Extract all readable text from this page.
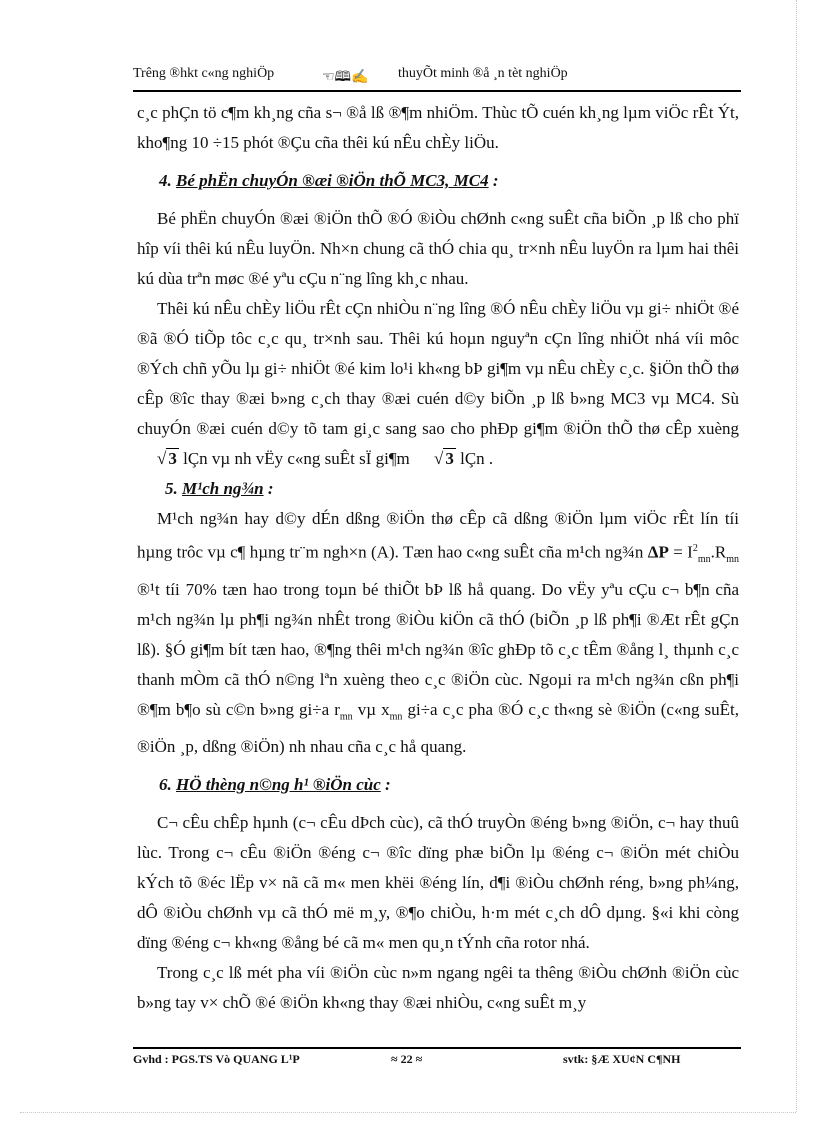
Trêng ®hkt c«ng nghiÖp	☜🕮✍ thuyÕt minh ®å ¸n tèt nghiÖp

c¸c phÇn tö c¶m kh¸ng cña s¬ ®å lß ®¶m nhiÖm. Thùc tÕ cuén kh¸ng lµm viÖc rÊt Ýt, kho¶ng 10 ÷15 phót ®Çu cña thêi kú nÊu chÈy liÖu.

4. Bé phËn chuyÓn ®æi ®iÖn thÕ MC3, MC4 :

Bé phËn chuyÓn ®æi ®iÖn thÕ ®Ó ®iÒu chØnh c«ng suÊt cña biÕn ¸p lß cho phï hîp víi thêi kú nÊu luyÖn. Nh×n chung cã thÓ chia qu¸ tr×nh nÊu luyÖn ra lµm hai thêi kú dùa trªn møc ®é yªu cÇu n¨ng lîng kh¸c nhau.

Thêi kú nÊu chÈy liÖu rÊt cÇn nhiÒu n¨ng lîng ®Ó nÊu chÈy liÖu vµ gi÷ nhiÖt ®é ®ã ®Ó tiÕp tôc c¸c qu¸ tr×nh sau. Thêi kú hoµn nguyªn cÇn lîng nhiÖt nhá víi môc ®Ých chñ yÕu lµ gi÷ nhiÖt ®é kim lo¹i kh«ng bÞ gi¶m vµ nÊu chÈy c¸c. §iÖn thÕ thø cÊp ®îc thay ®æi b»ng c¸ch thay ®æi cuén d©y biÕn ¸p lß b»ng MC3 vµ MC4. Sù chuyÓn ®æi cuén d©y tõ tam gi¸c sang sao cho phÐp gi¶m ®iÖn thÕ thø cÊp xuèng √ 3 lÇn vµ nh vËy c«ng suÊt sÏ gi¶m √ 3 lÇn .

5. M¹ch ng¾n :

M¹ch ng¾n hay d©y dÉn dßng ®iÖn thø cÊp cã dßng ®iÖn lµm viÖc rÊt lín tíi hµng trôc vµ c¶ hµng tr¨m ngh×n (A). Tæn hao c«ng suÊt cña m¹ch ng¾n $\Delta P = I^2_{mn}.R_{mn}$ ®¹t tíi 70% tæn hao trong toµn bé thiÕt bÞ lß hå quang. Do vËy yªu cÇu c¬ b¶n cña m¹ch ng¾n lµ ph¶i ng¾n nhÊt trong ®iÒu kiÖn cã thÓ (biÕn ¸p lß ph¶i ®Æt rÊt gÇn lß). §Ó gi¶m bít tæn hao, ®¶ng thêi m¹ch ng¾n ®îc ghÐp tõ c¸c tÊm ®ång l¸ thµnh c¸c thanh mÒm cã thÓ n©ng lªn xuèng theo c¸c ®iÖn cùc. Ngoµi ra m¹ch ng¾n cßn ph¶i ®¶m b¶o sù c©n b»ng gi÷a $r_{mn}$ vµ $x_{mn}$ gi÷a c¸c pha ®Ó c¸c th«ng sè ®iÖn (c«ng suÊt, ®iÖn ¸p, dßng ®iÖn) nh nhau cña c¸c hå quang.

6. HÖ thèng n©ng h¹ ®iÖn cùc :

C¬ cÊu chÊp hµnh (c¬ cÊu dÞch cùc), cã thÓ truyÒn ®éng b»ng ®iÖn, c¬ hay thuû lùc. Trong c¬ cÊu ®iÖn ®éng c¬ ®îc dïng phæ biÕn lµ ®éng c¬ ®iÖn mét chiÒu kÝch tõ ®éc lËp v× nã cã m« men khëi ®éng lín, d¶i ®iÒu chØnh réng, b»ng ph¼ng, dÔ ®iÒu chØnh vµ cã thÓ më m¸y, ®¶o chiÒu, h·m mét c¸ch dÔ dµng. §«i khi còng dïng ®éng c¬ kh«ng ®ång bé cã m« men qu¸n tÝnh cña rotor nhá.

Trong c¸c lß mét pha víi ®iÖn cùc n»m ngang ngêi ta thêng ®iÒu chØnh ®iÖn cùc b»ng tay v× chÕ ®é ®iÖn kh«ng thay ®æi nhiÒu, c«ng suÊt m¸y

Gvhd : PGS.TS Vò QUANG L¹P	≈ 22 ≈	svtk: §Æ XU¢N C¶NH
